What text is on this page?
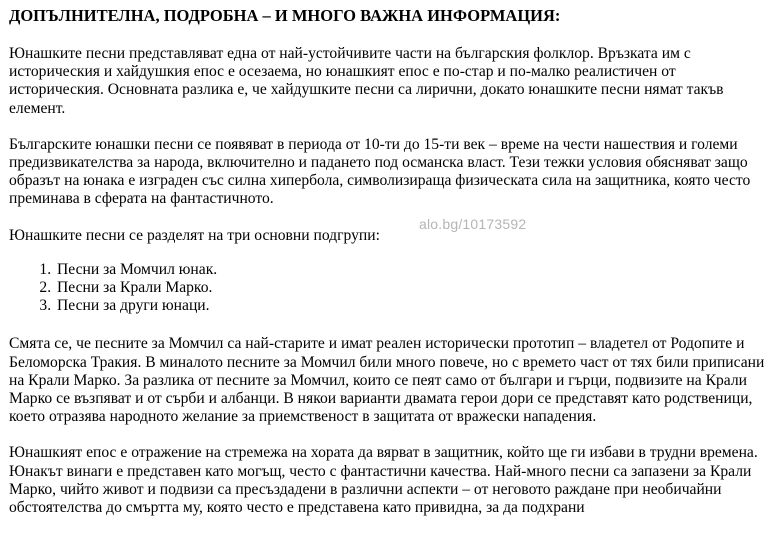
ДОПЪЛНИТЕЛНА, ПОДРОБНА – И МНОГО ВАЖНА ИНФОРМАЦИЯ:

Юнашките песни представляват една от най-устойчивите части на българския фолклор. Връзката им с историческия и хайдушкия епос е осезаема, но юнашкият епос е по-стар и по-малко реалистичен от историческия. Основната разлика е, че хайдушките песни са лирични, докато юнашките песни нямат такъв елемент.

Българските юнашки песни се появяват в периода от 10-ти до 15-ти век – време на чести нашествия и големи предизвикателства за народа, включително и падането под османска власт. Тези тежки условия обясняват защо образът на юнака е изграден със силна хипербола, символизираща физическата сила на защитника, която често преминава в сферата на фантастичното.

Юнашките песни се разделят на три основни подгрупи:

1. Песни за Момчил юнак.
2. Песни за Крали Марко.
3. Песни за други юнаци.

Смята се, че песните за Момчил са най-старите и имат реален исторически прототип – владетел от Родопите и Беломорска Тракия. В миналото песните за Момчил били много повече, но с времето част от тях били приписани на Крали Марко. За разлика от песните за Момчил, които се пеят само от българи и гърци, подвизите на Крали Марко се възпяват и от сърби и албанци. В някои варианти двамата герои дори се представят като родственици, което отразява народното желание за приемственост в защитата от вражески нападения.

Юнашкият епос е отражение на стремежа на хората да вярват в защитник, който ще ги избави в трудни времена. Юнакът винаги е представен като могъщ, често с фантастични качества. Най-много песни са запазени за Крали Марко, чийто живот и подвизи са пресъздадени в различни аспекти – от неговото раждане при необичайни обстоятелства до смъртта му, която често е представена като привидна, за да подхрани

alo.bg/10173592
